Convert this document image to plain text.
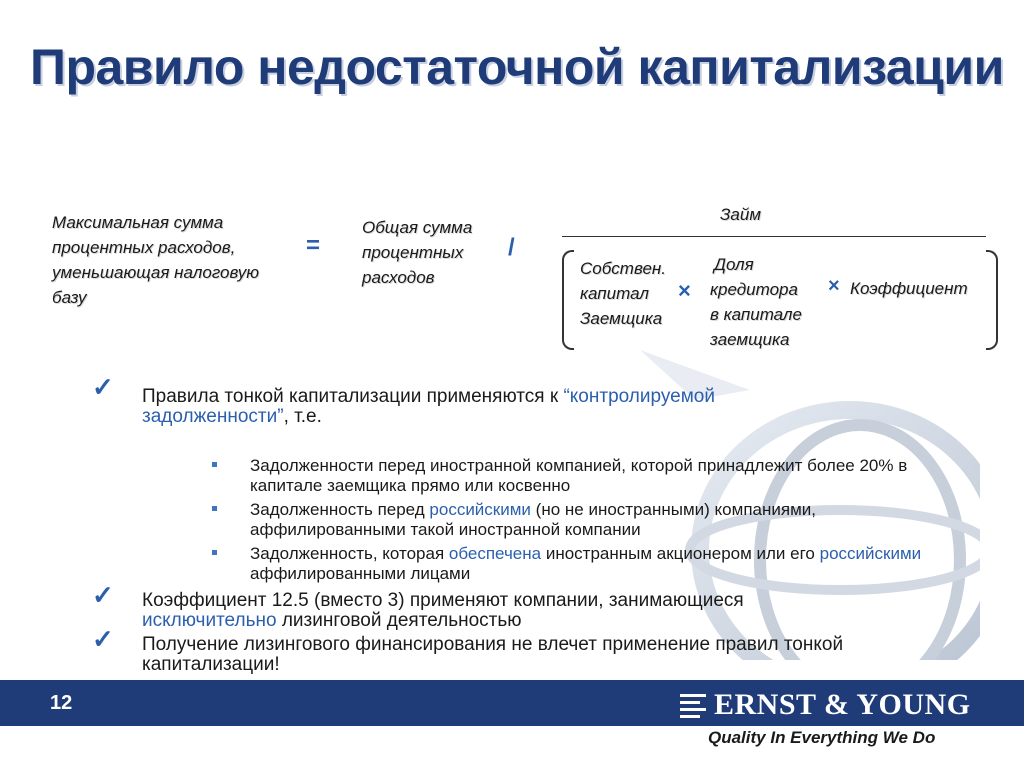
Правило недостаточной капитализации
Максимальная сумма
процентных расходов,
уменьшающая налоговую
базу
=
Общая сумма
процентных
расходов
/
Займ
Собствен.
капитал
Заемщика
×
Доля
кредитора
в капитале
заемщика
× Коэффициент
✓ Правила тонкой капитализации применяются к “контролируемой задолженности”, т.е.
Задолженности перед иностранной компанией, которой принадлежит более 20% в капитале заемщика прямо или косвенно
Задолженность перед российскими (но не иностранными) компаниями, аффилированными такой иностранной компании
Задолженность, которая обеспечена иностранным акционером или его российскими аффилированными лицами
✓ Коэффициент 12.5 (вместо 3) применяют компании, занимающиеся исключительно лизинговой деятельностью
✓ Получение лизингового финансирования не влечет применение правил тонкой капитализации!
12	ERNST & YOUNG
Quality In Everything We Do
